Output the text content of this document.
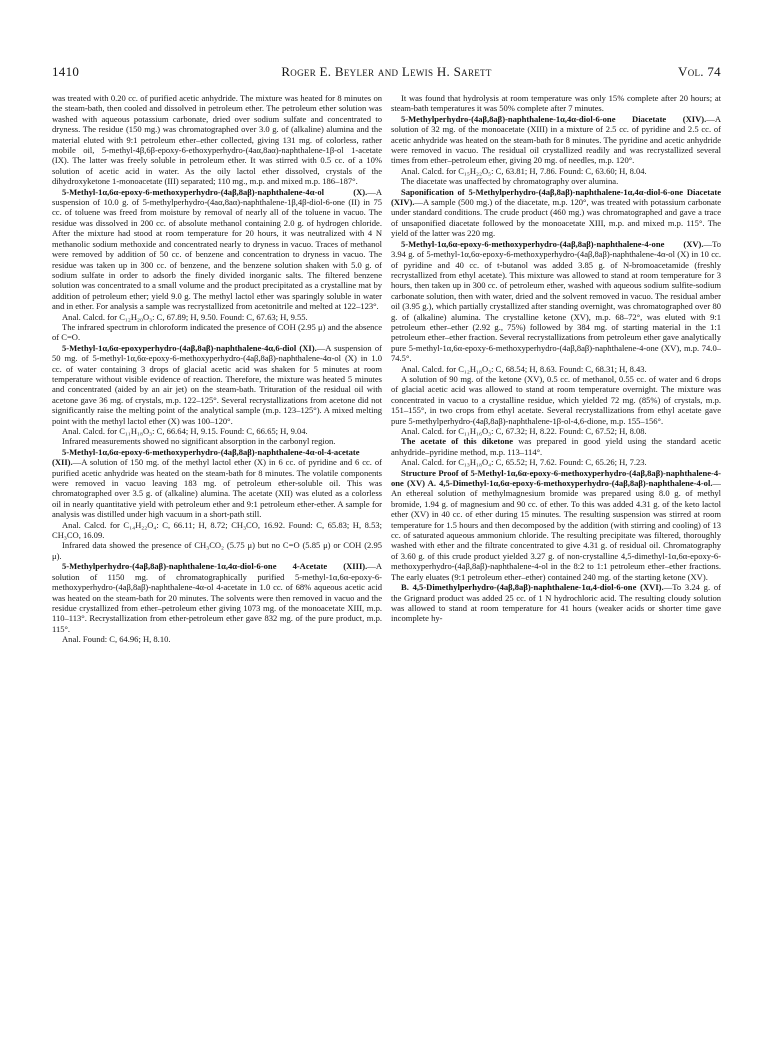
1410	Roger E. Beyler and Lewis H. Sarett	Vol. 74

was treated with 0.20 cc. of purified acetic anhydride. The mixture was heated for 8 minutes on the steam-bath, then cooled and dissolved in petroleum ether. The petroleum ether solution was washed with aqueous potassium carbonate, dried over sodium sulfate and concentrated to dryness. The residue (150 mg.) was chromatographed over 3.0 g. of (alkaline) alumina and the material eluted with 9:1 petroleum ether–ether collected, giving 131 mg. of colorless, rather mobile oil, 5-methyl-4β,6β-epoxy-6-ethoxyperhydro-(4aα,8aα)-naphthalene-1β-ol 1-acetate (IX). The latter was freely soluble in petroleum ether. It was stirred with 0.5 cc. of a 10% solution of acetic acid in water. As the oily lactol ether dissolved, crystals of the dihydroxyketone 1-monoacetate (III) separated; 110 mg., m.p. and mixed m.p. 186–187°.

5-Methyl-1α,6α-epoxy-6-methoxyperhydro-(4aβ,8aβ)-naphthalene-4α-ol (X).—A suspension of 10.0 g. of 5-methylperhydro-(4aα,8aα)-naphthalene-1β,4β-diol-6-one (II) in 75 cc. of toluene was freed from moisture by removal of nearly all of the toluene in vacuo. The residue was dissolved in 200 cc. of absolute methanol containing 2.0 g. of hydrogen chloride. After the mixture had stood at room temperature for 20 hours, it was neutralized with 4 N methanolic sodium methoxide and concentrated nearly to dryness in vacuo. Traces of methanol were removed by addition of 50 cc. of benzene and concentration to dryness in vacuo. The residue was taken up in 300 cc. of benzene, and the benzene solution shaken with 5.0 g. of sodium sulfate in order to adsorb the finely divided inorganic salts. The filtered benzene solution was concentrated to a small volume and the product precipitated as a crystalline mat by addition of petroleum ether; yield 9.0 g. The methyl lactol ether was sparingly soluble in water and in ether. For analysis a sample was recrystallized from acetonitrile and melted at 122–123°.

Anal. Calcd. for C₁₂H₂₀O₃: C, 67.89; H, 9.50. Found: C, 67.63; H, 9.55.

The infrared spectrum in chloroform indicated the presence of COH (2.95 μ) and the absence of C=O.

5-Methyl-1α,6α-epoxyperhydro-(4aβ,8aβ)-naphthalene-4α,6-diol (XI).—A suspension of 50 mg. of 5-methyl-1α,6α-epoxy-6-methoxyperhydro-(4aβ,8aβ)-naphthalene-4α-ol (X) in 1.0 cc. of water containing 3 drops of glacial acetic acid was shaken for 5 minutes at room temperature without visible evidence of reaction. Therefore, the mixture was heated 5 minutes and concentrated (aided by an air jet) on the steam-bath. Trituration of the residual oil with acetone gave 36 mg. of crystals, m.p. 122–125°. Several recrystallizations from acetone did not significantly raise the melting point of the analytical sample (m.p. 123–125°). A mixed melting point with the methyl lactol ether (X) was 100–120°.

Anal. Calcd. for C₁₁H₁₈O₃: C, 66.64; H, 9.15. Found: C, 66.65; H, 9.04.

Infrared measurements showed no significant absorption in the carbonyl region.

5-Methyl-1α,6α-epoxy-6-methoxyperhydro-(4aβ,8aβ)-naphthalene-4α-ol-4-acetate (XII).—A solution of 150 mg. of the methyl lactol ether (X) in 6 cc. of pyridine and 6 cc. of purified acetic anhydride was heated on the steam-bath for 8 minutes. The volatile components were removed in vacuo leaving 183 mg. of petroleum ether-soluble oil. This was chromatographed over 3.5 g. of (alkaline) alumina. The acetate (XII) was eluted as a colorless oil in nearly quantitative yield with petroleum ether and 9:1 petroleum ether-ether. A sample for analysis was distilled under high vacuum in a short-path still.

Anal. Calcd. for C₁₄H₂₂O₄: C, 66.11; H, 8.72; CH₃CO, 16.92. Found: C, 65.83; H, 8.53; CH₃CO, 16.09.

Infrared data showed the presence of CH₃CO₂ (5.75 μ) but no C=O (5.85 μ) or COH (2.95 μ).

5-Methylperhydro-(4aβ,8aβ)-naphthalene-1α,4α-diol-6-one 4-Acetate (XIII).—A solution of 1150 mg. of chromatographically purified 5-methyl-1α,6α-epoxy-6-methoxyperhydro-(4aβ,8aβ)-naphthalene-4α-ol 4-acetate in 1.0 cc. of 68% aqueous acetic acid was heated on the steam-bath for 20 minutes. The solvents were then removed in vacuo and the residue crystallized from ether–petroleum ether giving 1073 mg. of the monoacetate XIII, m.p. 110–113°. Recrystallization from ether-petroleum ether gave 832 mg. of the pure product, m.p. 115°.

Anal. Found: C, 64.96; H, 8.10.

It was found that hydrolysis at room temperature was only 15% complete after 20 hours; at steam-bath temperatures it was 50% complete after 7 minutes.

5-Methylperhydro-(4aβ,8aβ)-naphthalene-1α,4α-diol-6-one Diacetate (XIV).—A solution of 32 mg. of the monoacetate (XIII) in a mixture of 2.5 cc. of pyridine and 2.5 cc. of acetic anhydride was heated on the steam-bath for 8 minutes. The pyridine and acetic anhydride were removed in vacuo. The residual oil crystallized readily and was recrystallized several times from ether–petroleum ether, giving 20 mg. of needles, m.p. 120°.

Anal. Calcd. for C₁₅H₂₂O₅: C, 63.81; H, 7.86. Found: C, 63.60; H, 8.04.

The diacetate was unaffected by chromatography over alumina.

Saponification of 5-Methylperhydro-(4aβ,8aβ)-naphthalene-1α,4α-diol-6-one Diacetate (XIV).—A sample (500 mg.) of the diacetate, m.p. 120°, was treated with potassium carbonate under standard conditions. The crude product (460 mg.) was chromatographed and gave a trace of unsaponified diacetate followed by the monoacetate XIII, m.p. and mixed m.p. 115°. The yield of the latter was 220 mg.

5-Methyl-1α,6α-epoxy-6-methoxyperhydro-(4aβ,8aβ)-naphthalene-4-one (XV).—To 3.94 g. of 5-methyl-1α,6α-epoxy-6-methoxyperhydro-(4aβ,8aβ)-naphthalene-4α-ol (X) in 10 cc. of pyridine and 40 cc. of t-butanol was added 3.85 g. of N-bromoacetamide (freshly recrystallized from ethyl acetate). This mixture was allowed to stand at room temperature for 3 hours, then taken up in 300 cc. of petroleum ether, washed with aqueous sodium sulfite-sodium carbonate solution, then with water, dried and the solvent removed in vacuo. The residual amber oil (3.95 g.), which partially crystallized after standing overnight, was chromatographed over 80 g. of (alkaline) alumina. The crystalline ketone (XV), m.p. 68–72°, was eluted with 9:1 petroleum ether–ether (2.92 g., 75%) followed by 384 mg. of starting material in the 1:1 petroleum ether–ether fraction. Several recrystallizations from petroleum ether gave analytically pure 5-methyl-1α,6α-epoxy-6-methoxyperhydro-(4aβ,8aβ)-naphthalene-4-one (XV), m.p. 74.0–74.5°.

Anal. Calcd. for C₁₂H₁₈O₃: C, 68.54; H, 8.63. Found: C, 68.31; H, 8.43.

A solution of 90 mg. of the ketone (XV), 0.5 cc. of methanol, 0.55 cc. of water and 6 drops of glacial acetic acid was allowed to stand at room temperature overnight. The mixture was concentrated in vacuo to a crystalline residue, which yielded 72 mg. (85%) of crystals, m.p. 151–155°, in two crops from ethyl acetate. Several recrystallizations from ethyl acetate gave pure 5-methylperhydro-(4aβ,8aβ)-naphthalene-1β-ol-4,6-dione, m.p. 155–156°.

Anal. Calcd. for C₁₁H₁₆O₃: C, 67.32; H, 8.22. Found: C, 67.52; H, 8.08.

The acetate of this diketone was prepared in good yield using the standard acetic anhydride–pyridine method, m.p. 113–114°.

Anal. Calcd. for C₁₃H₁₈O₄: C, 65.52; H, 7.62. Found: C, 65.26; H, 7.23.

Structure Proof of 5-Methyl-1α,6α-epoxy-6-methoxyperhydro-(4aβ,8aβ)-naphthalene-4-one (XV) A. 4,5-Dimethyl-1α,6α-epoxy-6-methoxyperhydro-(4aβ,8aβ)-naphthalene-4-ol.—An ethereal solution of methylmagnesium bromide was prepared using 8.0 g. of methyl bromide, 1.94 g. of magnesium and 90 cc. of ether. To this was added 4.31 g. of the keto lactol ether (XV) in 40 cc. of ether during 15 minutes. The resulting suspension was stirred at room temperature for 1.5 hours and then decomposed by the addition (with stirring and cooling) of 13 cc. of saturated aqueous ammonium chloride. The resulting precipitate was filtered, thoroughly washed with ether and the filtrate concentrated to give 4.31 g. of residual oil. Chromatography of 3.60 g. of this crude product yielded 3.27 g. of non-crystalline 4,5-dimethyl-1α,6α-epoxy-6-methoxyperhydro-(4aβ,8aβ)-naphthalene-4-ol in the 8:2 to 1:1 petroleum ether–ether fractions. The early eluates (9:1 petroleum ether–ether) contained 240 mg. of the starting ketone (XV).

B. 4,5-Dimethylperhydro-(4aβ,8aβ)-naphthalene-1α,4-diol-6-one (XVI).—To 3.24 g. of the Grignard product was added 25 cc. of 1 N hydrochloric acid. The resulting cloudy solution was allowed to stand at room temperature for 41 hours (weaker acids or shorter time gave incomplete hy-
